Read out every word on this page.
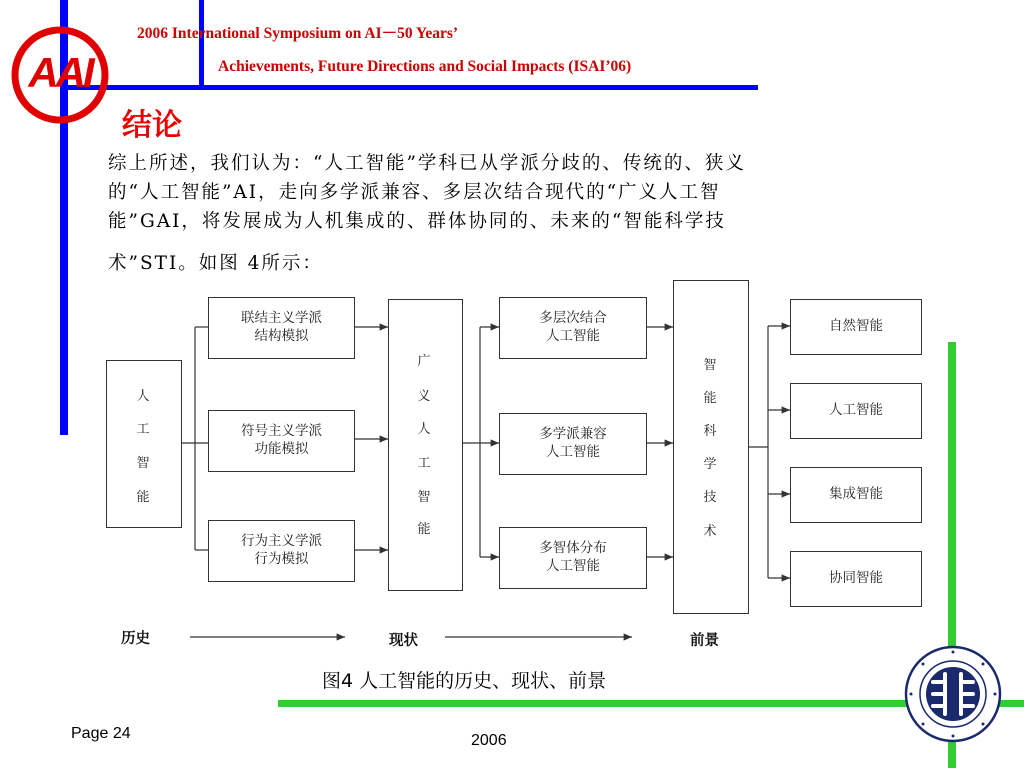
AAI
2006 International Symposium on AI－50 Years’
Achievements, Future Directions and Social Impacts (ISAI’06)
结论
综上所述，我们认为：“人工智能”学科已从学派分歧的、传统的、狭义
的“人工智能”AI，走向多学派兼容、多层次结合现代的“广义人工智
能”GAI，将发展成为人机集成的、群体协同的、未来的“智能科学技
术”STI。如图 4所示：
人
工
智
能
联结主义学派
结构模拟
符号主义学派
功能模拟
行为主义学派
行为模拟
广
义
人
工
智
能
多层次结合
人工智能
多学派兼容
人工智能
多智体分布
人工智能
智
能
科
学
技
术
自然智能
人工智能
集成智能
协同智能
历史	现状	前景
图4 人工智能的历史、现状、前景
Page 24	2006
